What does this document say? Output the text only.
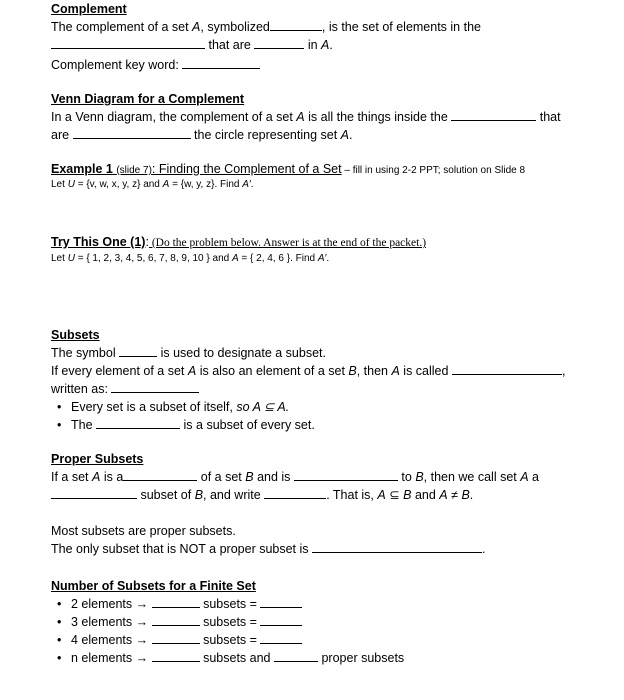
Complement
The complement of a set A, symbolized	, is the set of elements in the
that are	in A.
Complement key word:
Venn Diagram for a Complement
In a Venn diagram, the complement of a set A is all the things inside the	that
are	the circle representing set A.
Example 1 (slide 7): Finding the Complement of a Set – fill in using 2-2 PPT; solution on Slide 8
Let U = {v, w, x, y, z} and A = {w, y, z}. Find A′.
Try This One (1): (Do the problem below. Answer is at the end of the packet.)
Let U = { 1, 2, 3, 4, 5, 6, 7, 8, 9, 10 } and A = { 2, 4, 6 }. Find A′.
Subsets
The symbol	is used to designate a subset.
If every element of a set A is also an element of a set B, then A is called	,
written as:
• Every set is a subset of itself, so A ⊆ A.
• The	is a subset of every set.
Proper Subsets
If a set A is a	of a set B and is	to B, then we call set A a
subset of B, and write	. That is, A ⊆ B and A ≠ B.
Most subsets are proper subsets.
The only subset that is NOT a proper subset is	.
Number of Subsets for a Finite Set
• 2 elements →	subsets =
• 3 elements →	subsets =
• 4 elements →	subsets =
• n elements →	subsets and	proper subsets
